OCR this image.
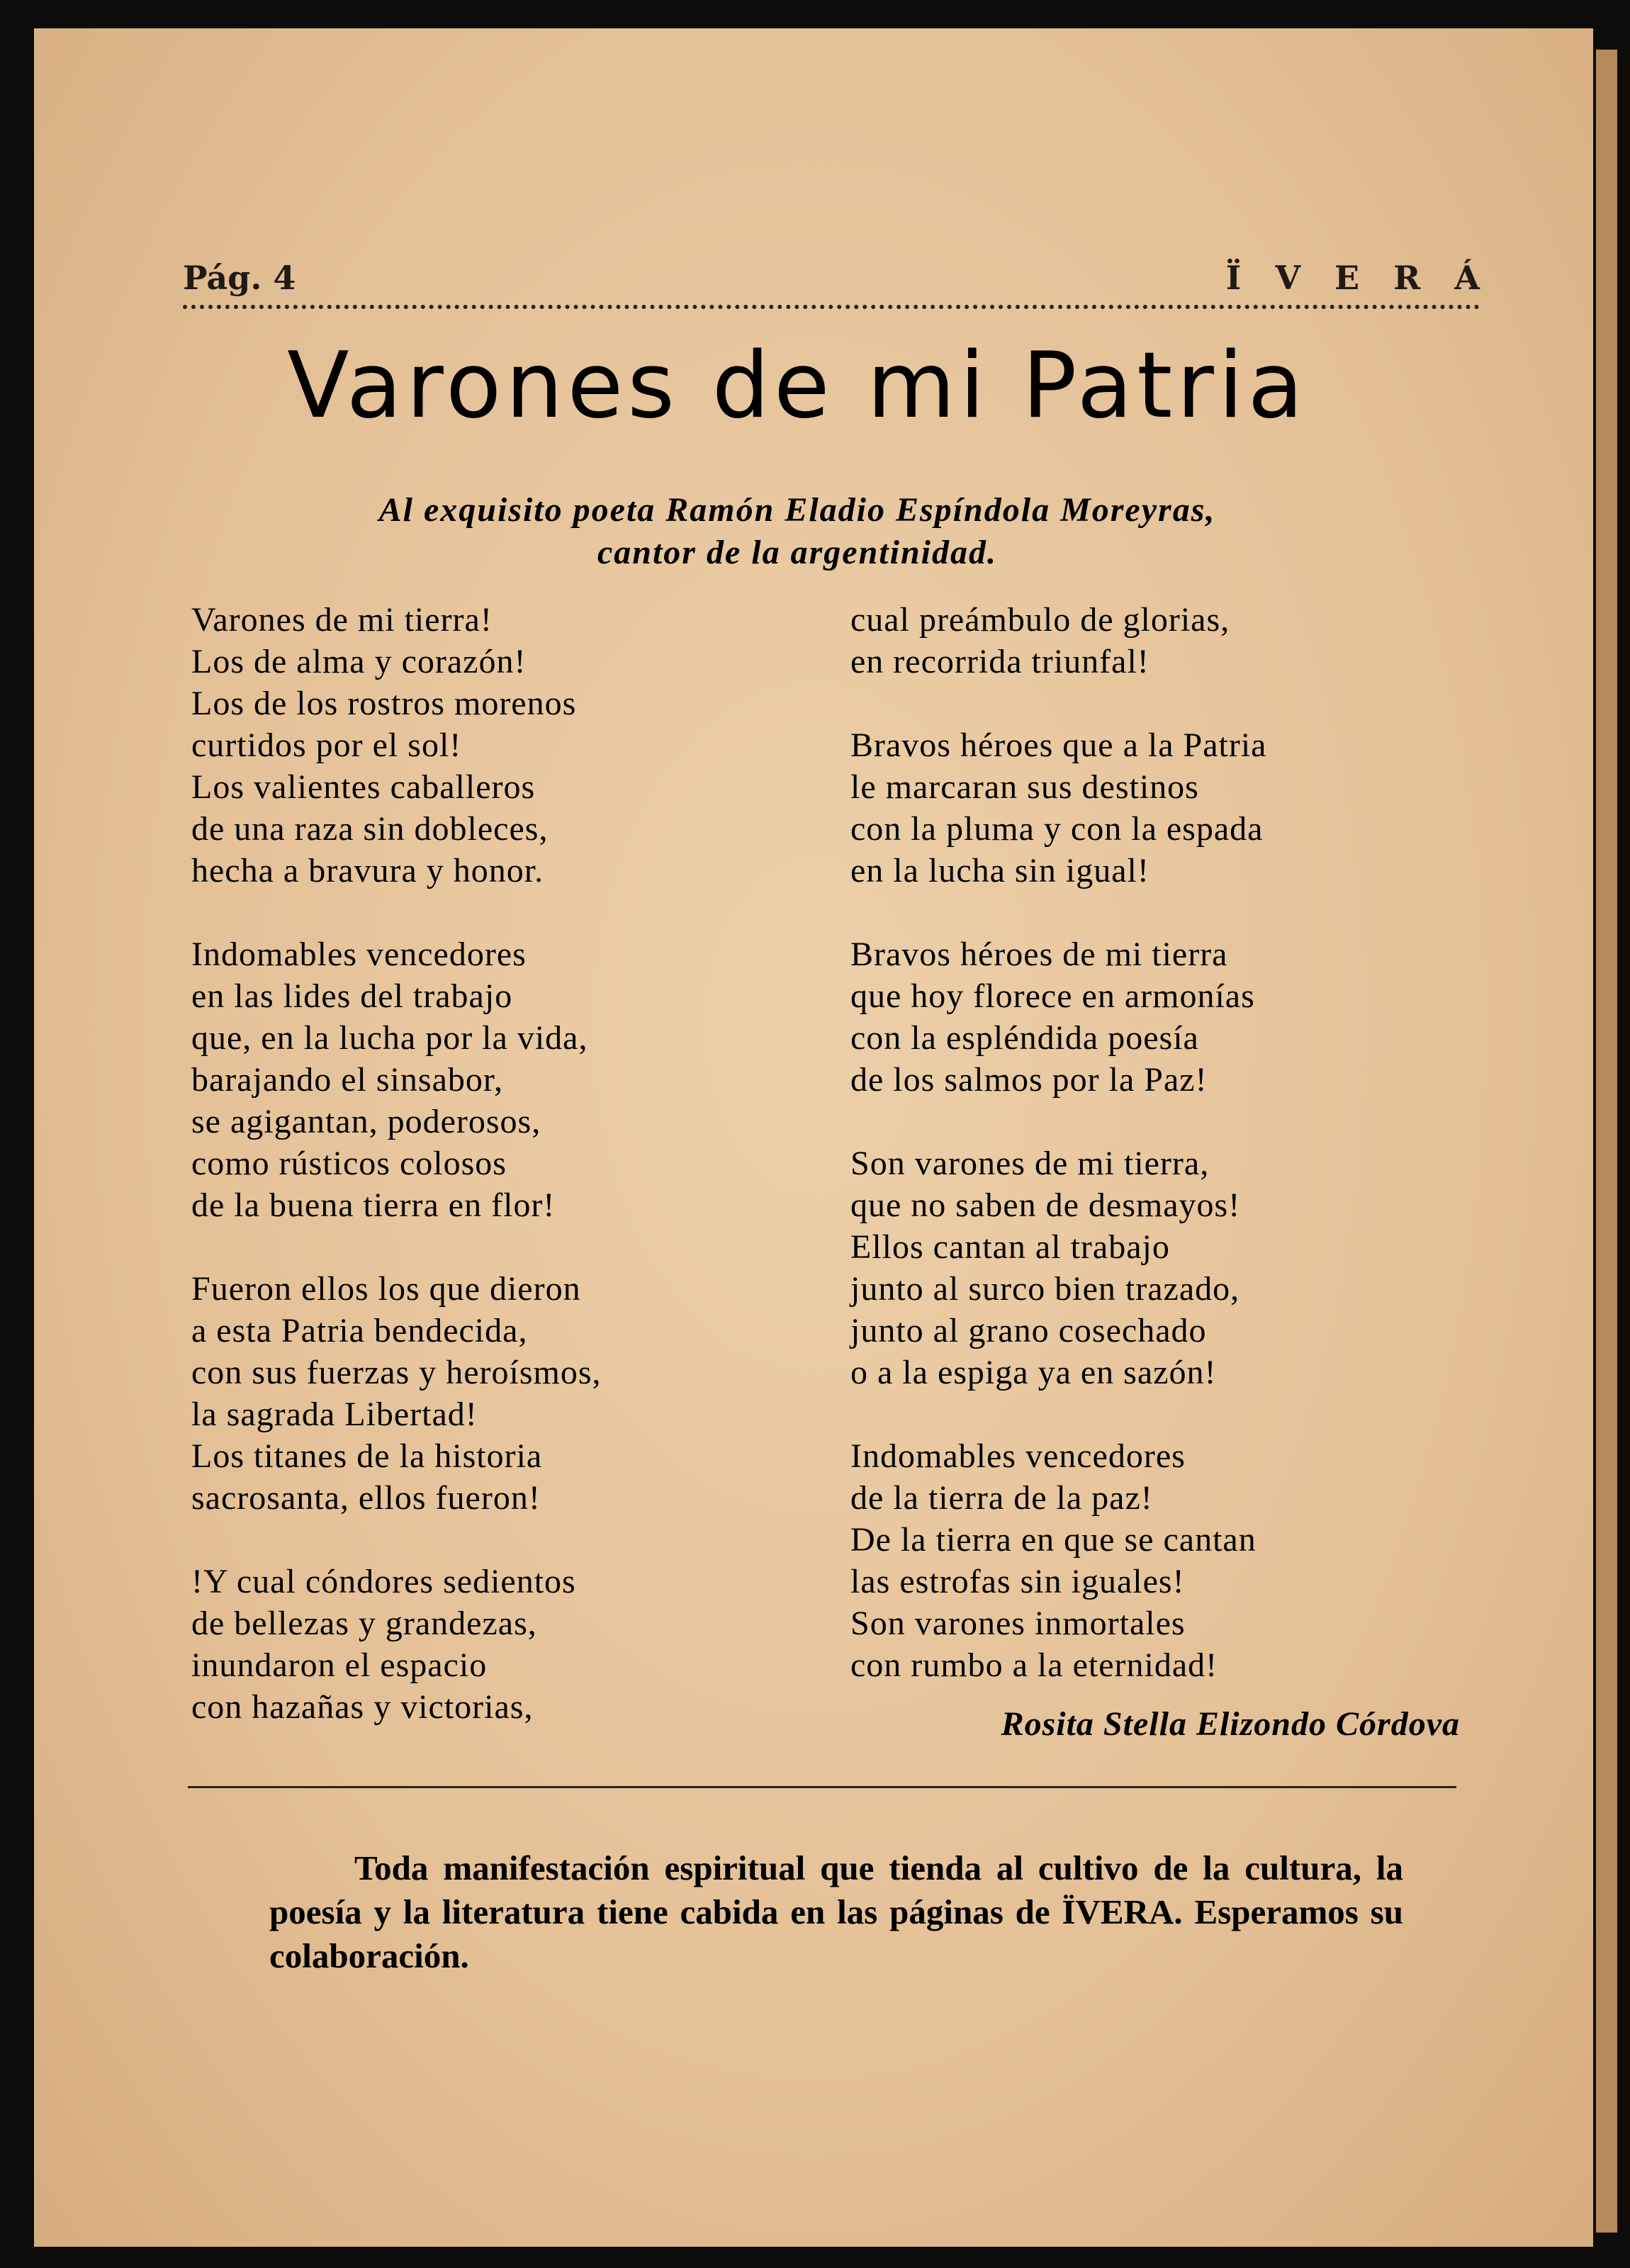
Pág. 4	ÏVERÁ
Varones de mi Patria
Al exquisito poeta Ramón Eladio Espíndola Moreyras,
cantor de la argentinidad.
Varones de mi tierra!
Los de alma y corazón!
Los de los rostros morenos
curtidos por el sol!
Los valientes caballeros
de una raza sin dobleces,
hecha a bravura y honor.
Indomables vencedores
en las lides del trabajo
que, en la lucha por la vida,
barajando el sinsabor,
se agigantan, poderosos,
como rústicos colosos
de la buena tierra en flor!
Fueron ellos los que dieron
a esta Patria bendecida,
con sus fuerzas y heroísmos,
la sagrada Libertad!
Los titanes de la historia
sacrosanta, ellos fueron!
!Y cual cóndores sedientos
de bellezas y grandezas,
inundaron el espacio
con hazañas y victorias,
cual preámbulo de glorias,
en recorrida triunfal!
Bravos héroes que a la Patria
le marcaran sus destinos
con la pluma y con la espada
en la lucha sin igual!
Bravos héroes de mi tierra
que hoy florece en armonías
con la espléndida poesía
de los salmos por la Paz!
Son varones de mi tierra,
que no saben de desmayos!
Ellos cantan al trabajo
junto al surco bien trazado,
junto al grano cosechado
o a la espiga ya en sazón!
Indomables vencedores
de la tierra de la paz!
De la tierra en que se cantan
las estrofas sin iguales!
Son varones inmortales
con rumbo a la eternidad!
Rosita Stella Elizondo Córdova
Toda manifestación espiritual que tienda al cultivo de la cultura, la poesía y la literatura tiene cabida en las páginas de ÏVERA. Esperamos su colaboración.
